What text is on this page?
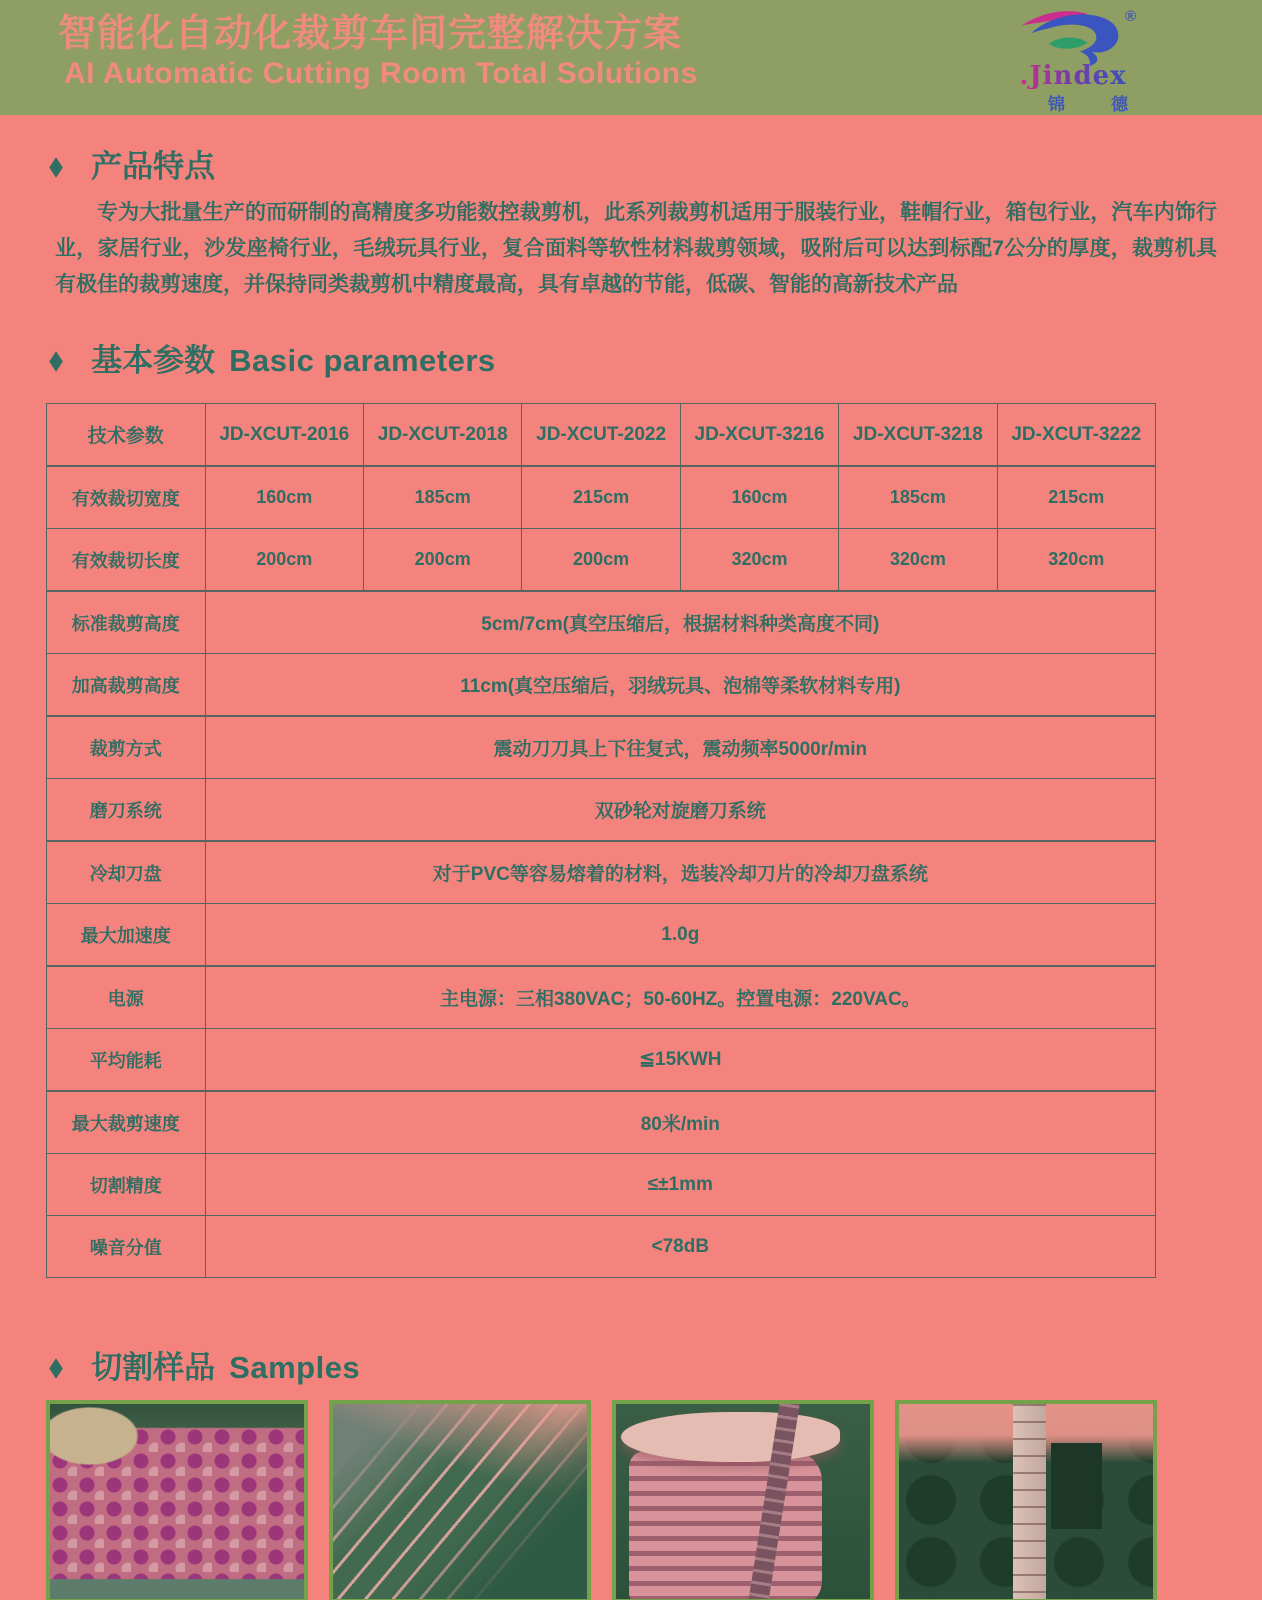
智能化自动化裁剪车间完整解决方案
AI Automatic Cutting Room Total Solutions
®
.Jindex
锦德
◆ 产品特点

专为大批量生产的而研制的高精度多功能数控裁剪机，此系列裁剪机适用于服装行业，鞋帽行业，箱包行业，汽车内饰行业，家居行业，沙发座椅行业，毛绒玩具行业，复合面料等软性材料裁剪领域，吸附后可以达到标配7公分的厚度，裁剪机具有极佳的裁剪速度，并保持同类裁剪机中精度最高，具有卓越的节能，低碳、智能的高新技术产品

◆ 基本参数 Basic parameters
技术参数	JD-XCUT-2016	JD-XCUT-2018	JD-XCUT-2022	JD-XCUT-3216	JD-XCUT-3218	JD-XCUT-3222
有效裁切宽度	160cm	185cm	215cm	160cm	185cm	215cm
有效裁切长度	200cm	200cm	200cm	320cm	320cm	320cm
标准裁剪高度	5cm/7cm(真空压缩后，根据材料种类高度不同)					
加高裁剪高度	11cm(真空压缩后，羽绒玩具、泡棉等柔软材料专用)					
裁剪方式	震动刀刀具上下往复式，震动频率5000r/min					
磨刀系统	双砂轮对旋磨刀系统					
冷却刀盘	对于PVC等容易熔着的材料，选装冷却刀片的冷却刀盘系统					
最大加速度	1.0g					
电源	主电源：三相380VAC；50-60HZ。控置电源：220VAC。					
平均能耗	≦15KWH					
最大裁剪速度	80米/min					
切割精度	≤±1mm					
噪音分值	<78dB					
◆ 切割样品 Samples
